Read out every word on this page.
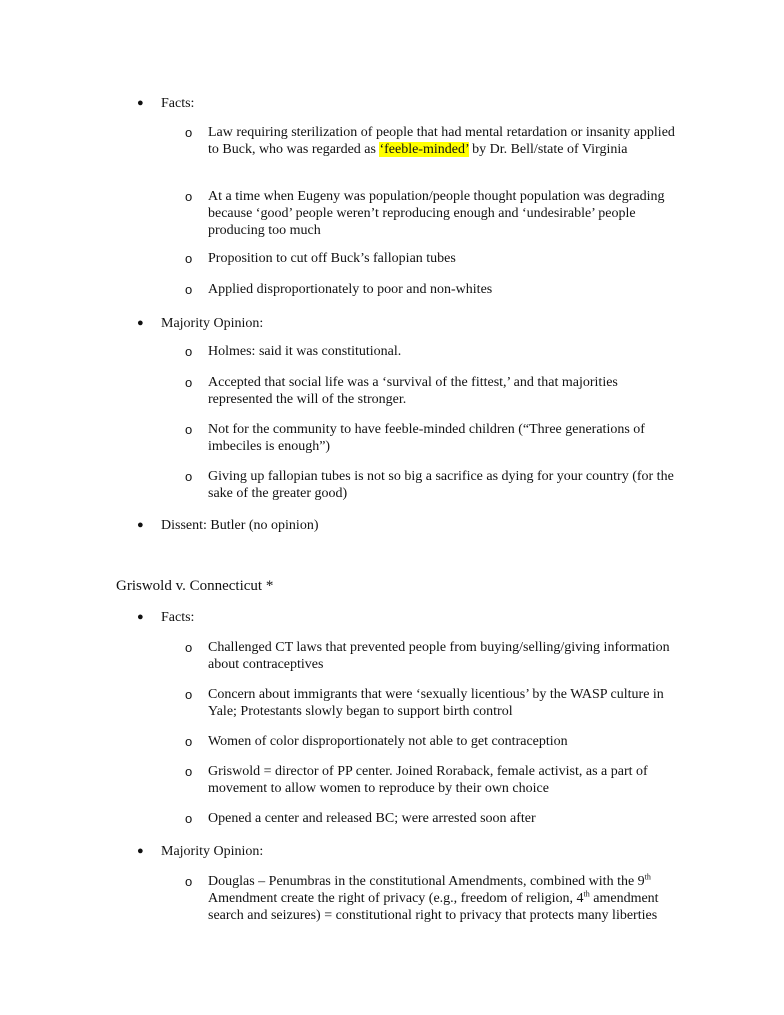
● Facts:
o Law requiring sterilization of people that had mental retardation or insanity applied to Buck, who was regarded as ‘feeble-minded’ by Dr. Bell/state of Virginia
o At a time when Eugeny was population/people thought population was degrading because ‘good’ people weren’t reproducing enough and ‘undesirable’ people producing too much
o Proposition to cut off Buck’s fallopian tubes
o Applied disproportionately to poor and non-whites
● Majority Opinion:
o Holmes: said it was constitutional.
o Accepted that social life was a ‘survival of the fittest,’ and that majorities represented the will of the stronger.
o Not for the community to have feeble-minded children (“Three generations of imbeciles is enough”)
o Giving up fallopian tubes is not so big a sacrifice as dying for your country (for the sake of the greater good)
● Dissent: Butler (no opinion)
Griswold v. Connecticut *
● Facts:
o Challenged CT laws that prevented people from buying/selling/giving information about contraceptives
o Concern about immigrants that were ‘sexually licentious’ by the WASP culture in Yale; Protestants slowly began to support birth control
o Women of color disproportionately not able to get contraception
o Griswold = director of PP center. Joined Roraback, female activist, as a part of movement to allow women to reproduce by their own choice
o Opened a center and released BC; were arrested soon after
● Majority Opinion:
o Douglas – Penumbras in the constitutional Amendments, combined with the 9th Amendment create the right of privacy (e.g., freedom of religion, 4th amendment search and seizures) = constitutional right to privacy that protects many liberties
